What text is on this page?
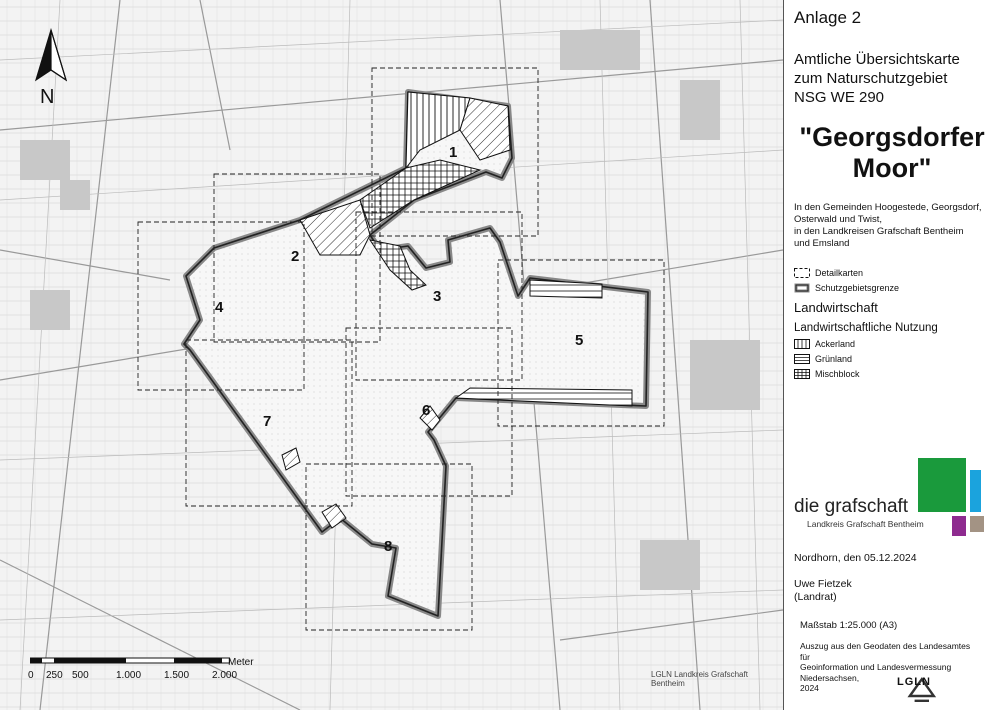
1
2
3
4
5
6
7
8
N
Meter
0 250 500	1.000 1.500 2.000	LGLN Landkreis Grafschaft Bentheim

Anlage 2

Amtliche Übersichtskarte
zum Naturschutzgebiet
NSG WE 290

"Georgsdorfer
Moor"

In den Gemeinden Hoogestede, Georgsdorf,
Osterwald und Twist,
in den Landkreisen Grafschaft Bentheim
und Emsland

Detailkarten
Schutzgebietsgrenze
Landwirtschaft
Landwirtschaftliche Nutzung
Ackerland
Grünland
Mischblock
die grafschaft
Landkreis Grafschaft Bentheim
Nordhorn, den 05.12.2024
Uwe Fietzek
(Landrat)
Maßstab 1:25.000 (A3)
Auszug aus den Geodaten des Landesamtes für
Geoinformation und Landesvermessung
Niedersachsen,
2024	LGLN
